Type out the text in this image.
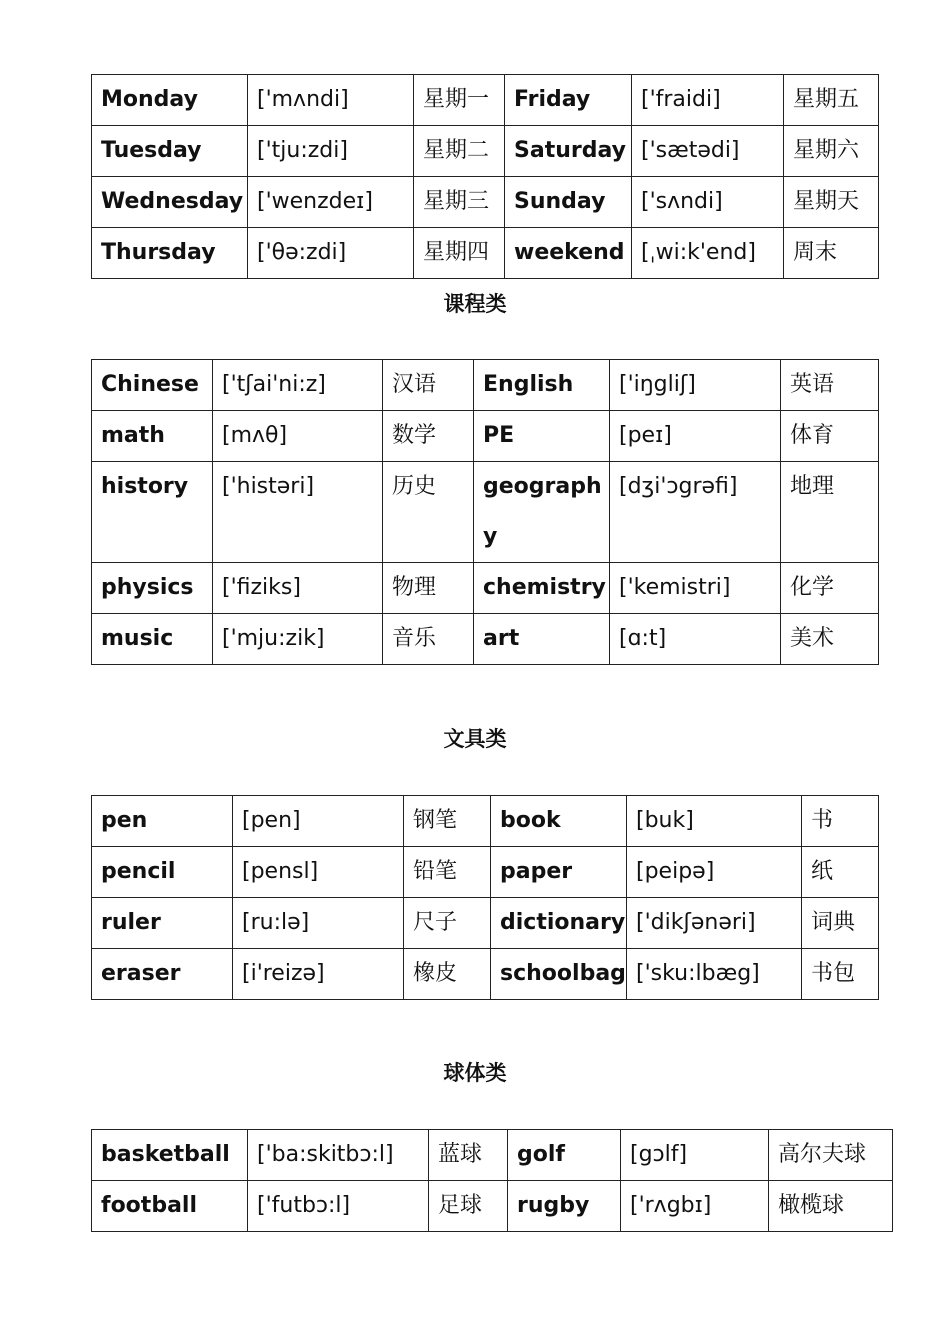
Monday	['mʌndi]	星期一	Friday	['fraidi]	星期五
Tuesday	['tju:zdi]	星期二	Saturday	['sætədi]	星期六
Wednesday	['wenzdeɪ]	星期三	Sunday	['sʌndi]	星期天
Thursday	['θə:zdi]	星期四	weekend	[ˌwi:k'end]	周末
课程类
Chinese	['tʃai'ni:z]	汉语	English	['iŋgliʃ]	英语
math	[mʌθ]	数学	PE	[peɪ]	体育
history	['histəri]	历史	geography	[dʒi'ɔgrəfi]	地理
physics	['fiziks]	物理	chemistry	['kemistri]	化学
music	['mju:zik]	音乐	art	[ɑ:t]	美术
文具类
pen	[pen]	钢笔	book	[buk]	书
pencil	[pensl]	铅笔	paper	[peipə]	纸
ruler	[ru:lə]	尺子	dictionary	['dikʃənəri]	词典
eraser	[i'reizə]	橡皮	schoolbag	['sku:lbæg]	书包
球体类
basketball	['ba:skitbɔ:l]	蓝球	golf	[gɔlf]	高尔夫球
football	['futbɔ:l]	足球	rugby	['rʌgbɪ]	橄榄球
